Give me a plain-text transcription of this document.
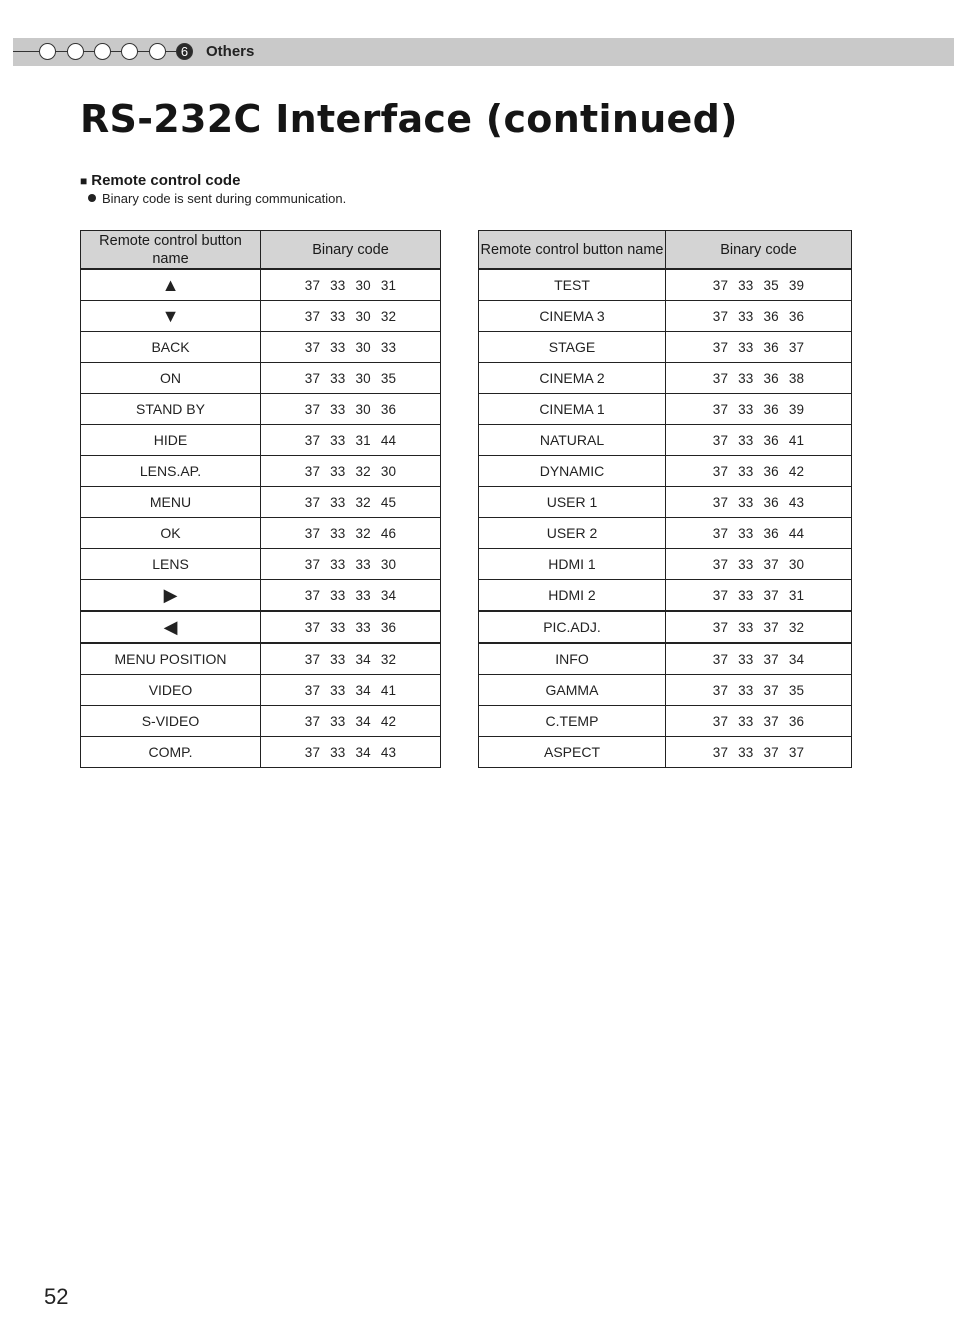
6	Others
RS-232C Interface (continued)
■ Remote control code
Binary code is sent during communication.
Remote control button name	Binary code
▲	37 33 30 31
▼	37 33 30 32
BACK	37 33 30 33
ON	37 33 30 35
STAND BY	37 33 30 36
HIDE	37 33 31 44
LENS.AP.	37 33 32 30
MENU	37 33 32 45
OK	37 33 32 46
LENS	37 33 33 30
▶	37 33 33 34
◀	37 33 33 36
MENU POSITION	37 33 34 32
VIDEO	37 33 34 41
S-VIDEO	37 33 34 42
COMP.	37 33 34 43
Remote control button name	Binary code
TEST	37 33 35 39
CINEMA 3	37 33 36 36
STAGE	37 33 36 37
CINEMA 2	37 33 36 38
CINEMA 1	37 33 36 39
NATURAL	37 33 36 41
DYNAMIC	37 33 36 42
USER 1	37 33 36 43
USER 2	37 33 36 44
HDMI 1	37 33 37 30
HDMI 2	37 33 37 31
PIC.ADJ.	37 33 37 32
INFO	37 33 37 34
GAMMA	37 33 37 35
C.TEMP	37 33 37 36
ASPECT	37 33 37 37
52
